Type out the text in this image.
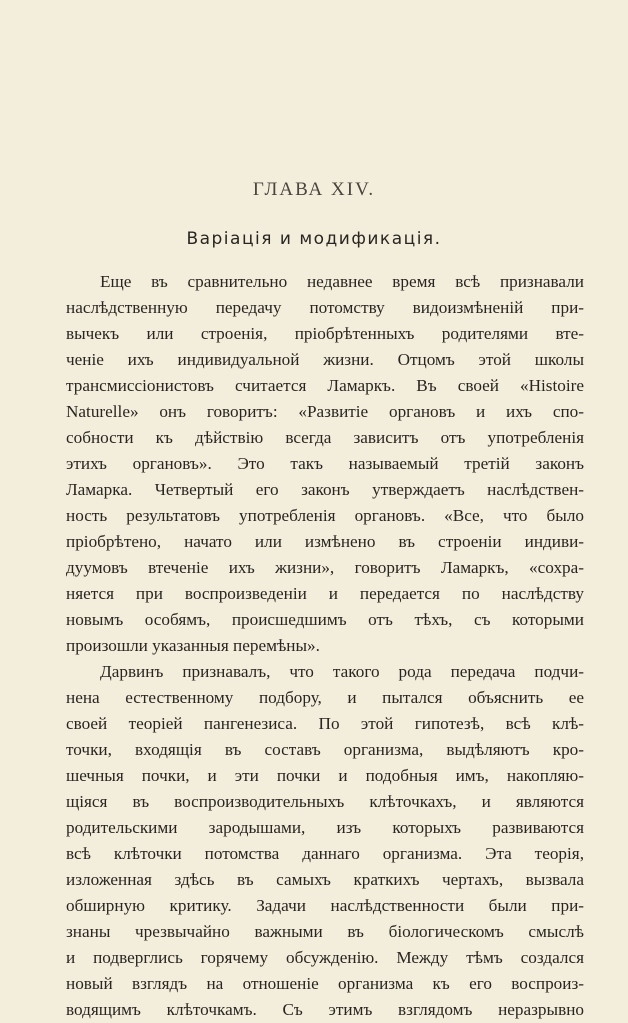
ГЛАВА XIV.
Варіація и модификація.
Еще въ сравнительно недавнее время всѣ признавали
наслѣдственную передачу потомству видоизмѣненій при-
вычекъ или строенія, пріобрѣтенныхъ родителями вте-
ченіе ихъ индивидуальной жизни. Отцомъ этой школы
трансмиссіонистовъ считается Ламаркъ. Въ своей «Histoire
Naturelle» онъ говоритъ: «Развитіе органовъ и ихъ спо-
собности къ дѣйствію всегда зависитъ отъ употребленія
этихъ органовъ». Это такъ называемый третій законъ
Ламарка. Четвертый его законъ утверждаетъ наслѣдствен-
ность результатовъ употребленія органовъ. «Все, что было
пріобрѣтено, начато или измѣнено въ строеніи индиви-
дуумовъ втеченіе ихъ жизни», говоритъ Ламаркъ, «сохра-
няется при воспроизведеніи и передается по наслѣдству
новымъ особямъ, происшедшимъ отъ тѣхъ, съ которыми
произошли указанныя перемѣны».
Дарвинъ признавалъ, что такого рода передача подчи-
нена естественному подбору, и пытался объяснить ее
своей теоріей пангенезиса. По этой гипотезѣ, всѣ клѣ-
точки, входящія въ составъ организма, выдѣляютъ кро-
шечныя почки, и эти почки и подобныя имъ, накопляю-
щіяся въ воспроизводительныхъ клѣточкахъ, и являются
родительскими зародышами, изъ которыхъ развиваются
всѣ клѣточки потомства даннаго организма. Эта теорія,
изложенная здѣсь въ самыхъ краткихъ чертахъ, вызвала
обширную критику. Задачи наслѣдственности были при-
знаны чрезвычайно важными въ біологическомъ смыслѣ
и подверглись горячему обсужденію. Между тѣмъ создался
новый взглядъ на отношеніе организма къ его воспроиз-
водящимъ клѣточкамъ. Съ этимъ взглядомъ неразрывно
